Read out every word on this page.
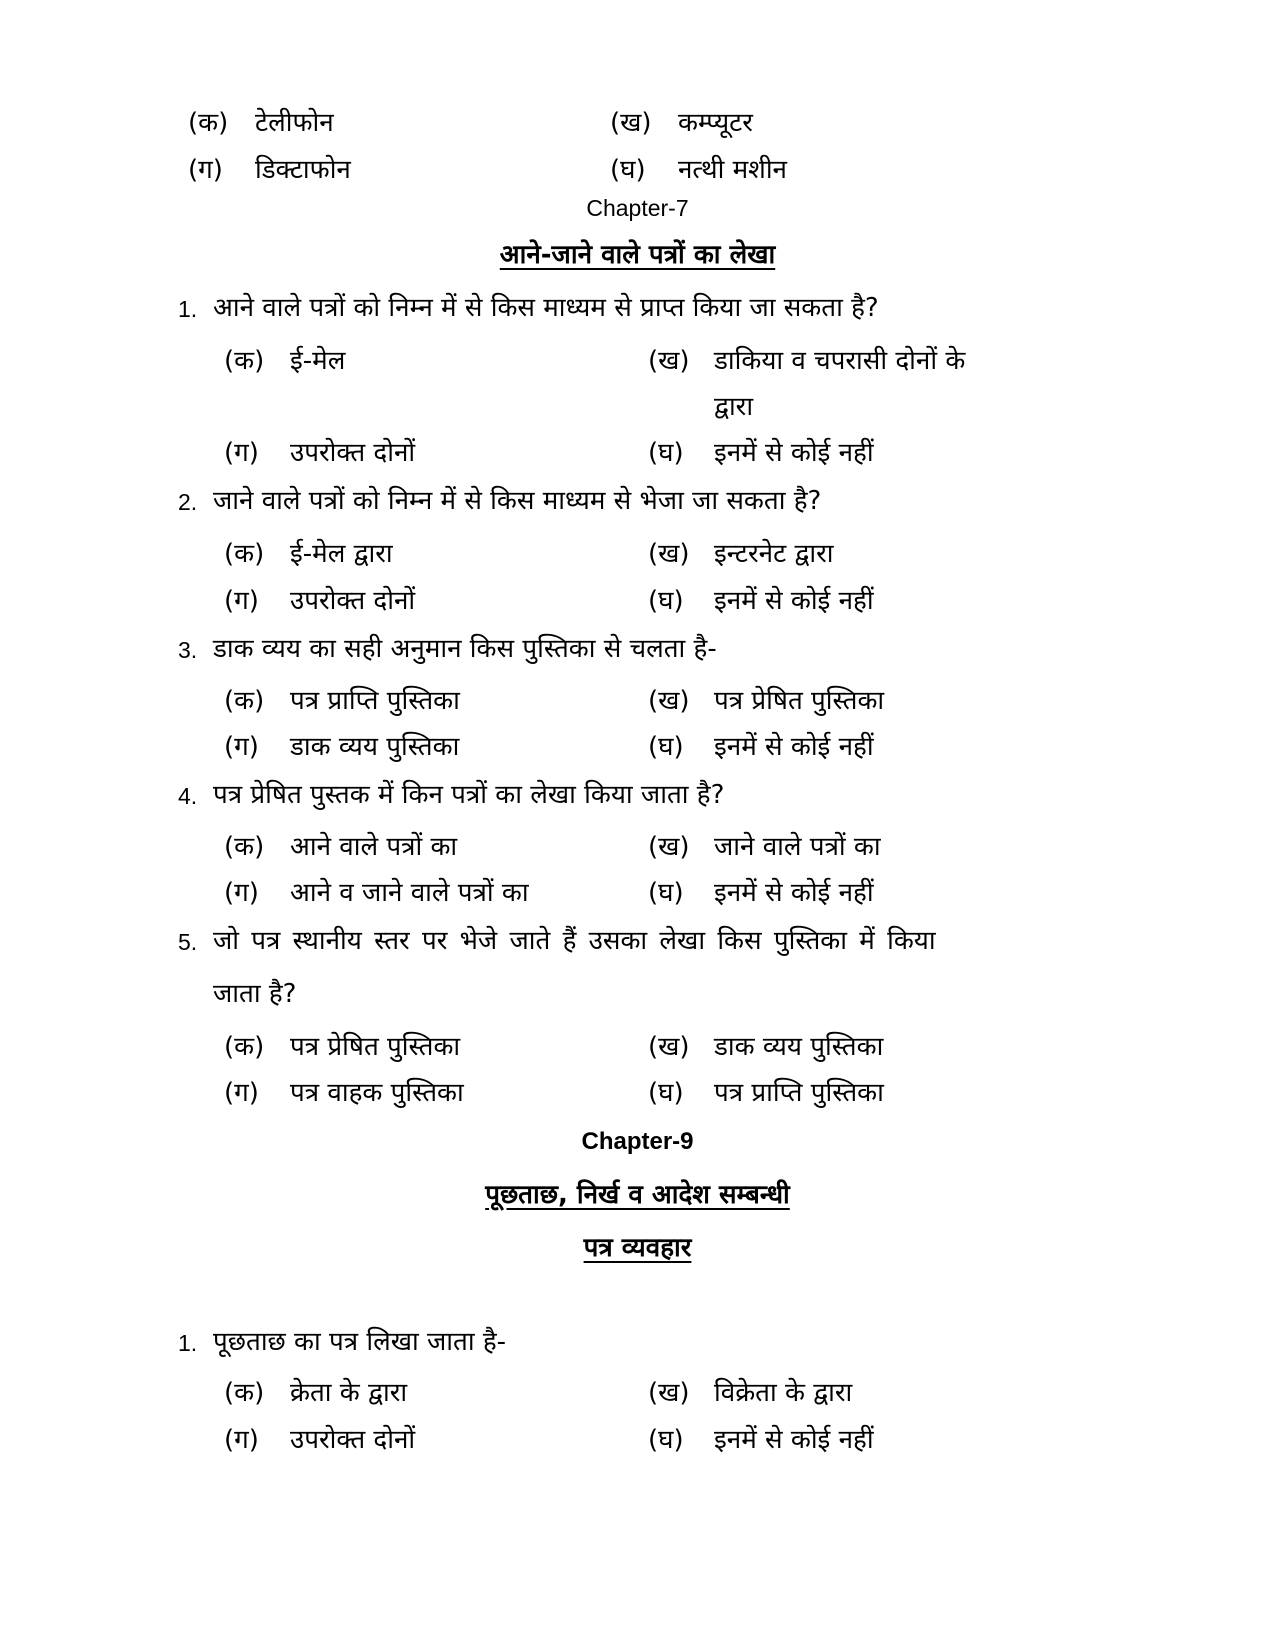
(क) टेलीफोन	(ख) कम्प्यूटर
(ग) डिक्टाफोन	(घ) नत्थी मशीन
Chapter-7
आने-जाने वाले पत्रों का लेखा
1. आने वाले पत्रों को निम्न में से किस माध्यम से प्राप्त किया जा सकता है?
(क) ई-मेल	(ख) डाकिया व चपरासी दोनों के
द्वारा
(ग) उपरोक्त दोनों	(घ) इनमें से कोई नहीं
2. जाने वाले पत्रों को निम्न में से किस माध्यम से भेजा जा सकता है?
(क) ई-मेल द्वारा	(ख) इन्टरनेट द्वारा
(ग) उपरोक्त दोनों	(घ) इनमें से कोई नहीं
3. डाक व्यय का सही अनुमान किस पुस्तिका से चलता है-
(क) पत्र प्राप्ति पुस्तिका	(ख) पत्र प्रेषित पुस्तिका
(ग) डाक व्यय पुस्तिका	(घ) इनमें से कोई नहीं
4. पत्र प्रेषित पुस्तक में किन पत्रों का लेखा किया जाता है?
(क) आने वाले पत्रों का	(ख) जाने वाले पत्रों का
(ग) आने व जाने वाले पत्रों का	(घ) इनमें से कोई नहीं
5. जो पत्र स्थानीय स्तर पर भेजे जाते हैं उसका लेखा किस पुस्तिका में किया
जाता है?
(क) पत्र प्रेषित पुस्तिका	(ख) डाक व्यय पुस्तिका
(ग) पत्र वाहक पुस्तिका	(घ) पत्र प्राप्ति पुस्तिका
Chapter-9
पूछताछ, निर्ख व आदेश सम्बन्धी
पत्र व्यवहार
1. पूछताछ का पत्र लिखा जाता है-
(क) क्रेता के द्वारा	(ख) विक्रेता के द्वारा
(ग) उपरोक्त दोनों	(घ) इनमें से कोई नहीं
